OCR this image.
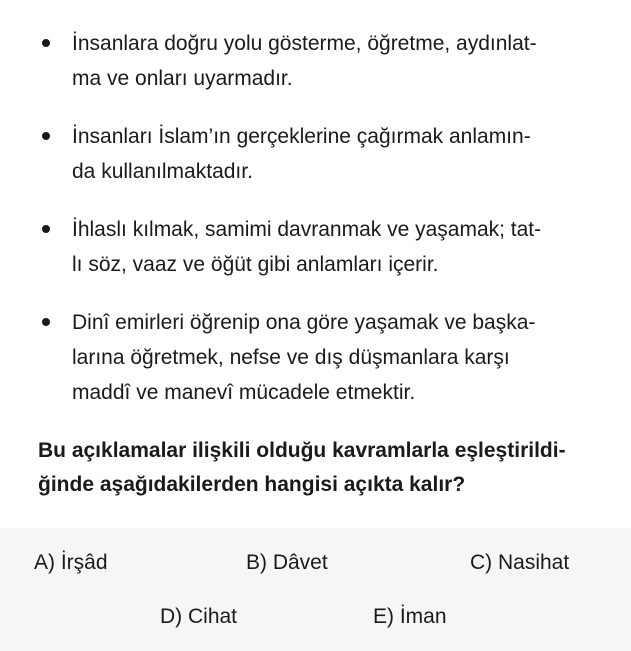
İnsanlara doğru yolu gösterme, öğretme, aydınlat-
ma ve onları uyarmadır.
İnsanları İslam’ın gerçeklerine çağırmak anlamın-
da kullanılmaktadır.
İhlaslı kılmak, samimi davranmak ve yaşamak; tat-
lı söz, vaaz ve öğüt gibi anlamları içerir.
Dinî emirleri öğrenip ona göre yaşamak ve başka-
larına öğretmek, nefse ve dış düşmanlara karşı
maddî ve manevî mücadele etmektir.

Bu açıklamalar ilişkili olduğu kavramlarla eşleştirildi-
ğinde aşağıdakilerden hangisi açıkta kalır?

A) İrşâd	B) Dâvet	C) Nasihat
D) Cihat	E) İman
